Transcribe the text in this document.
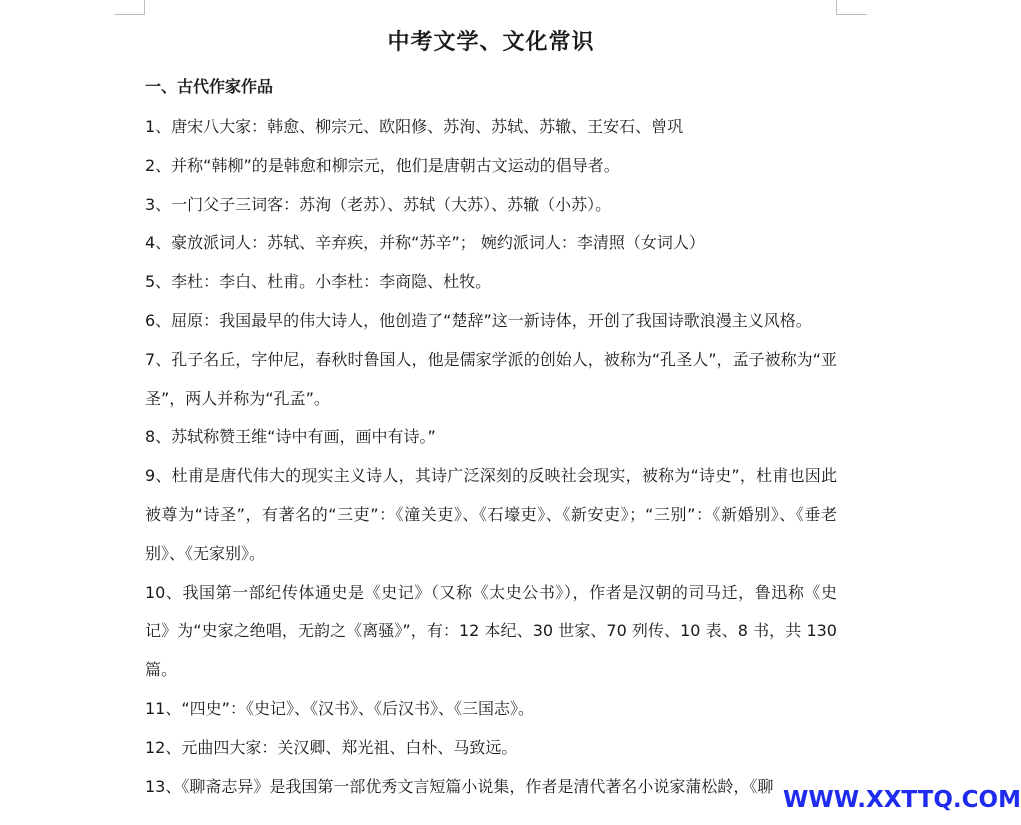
中考文学、文化常识
一、古代作家作品

1、唐宋八大家：韩愈、柳宗元、欧阳修、苏洵、苏轼、苏辙、王安石、曾巩

2、并称“韩柳”的是韩愈和柳宗元，他们是唐朝古文运动的倡导者。

3、一门父子三词客：苏洵（老苏）、苏轼（大苏）、苏辙（小苏）。

4、豪放派词人：苏轼、辛弃疾，并称“苏辛”； 婉约派词人：李清照（女词人）

5、李杜：李白、杜甫。小李杜：李商隐、杜牧。

6、屈原：我国最早的伟大诗人，他创造了“楚辞”这一新诗体，开创了我国诗歌浪漫主义风格。

7、孔子名丘，字仲尼，春秋时鲁国人，他是儒家学派的创始人，被称为“孔圣人”，孟子被称为“亚圣”，两人并称为“孔孟”。

8、苏轼称赞王维“诗中有画，画中有诗。”

9、杜甫是唐代伟大的现实主义诗人，其诗广泛深刻的反映社会现实，被称为“诗史”，杜甫也因此被尊为“诗圣”，有著名的“三吏”：《潼关吏》、《石壕吏》、《新安吏》；“三别”：《新婚别》、《垂老别》、《无家别》。

10、我国第一部纪传体通史是《史记》（又称《太史公书》），作者是汉朝的司马迁，鲁迅称《史记》为“史家之绝唱，无韵之《离骚》”，有：12 本纪、30 世家、70 列传、10 表、8 书，共 130 篇。

11、“四史”：《史记》、《汉书》、《后汉书》、《三国志》。

12、元曲四大家：关汉卿、郑光祖、白朴、马致远。

13、《聊斋志异》是我国第一部优秀文言短篇小说集，作者是清代著名小说家蒲松龄，《聊

WWW.XXTTQ.COM
